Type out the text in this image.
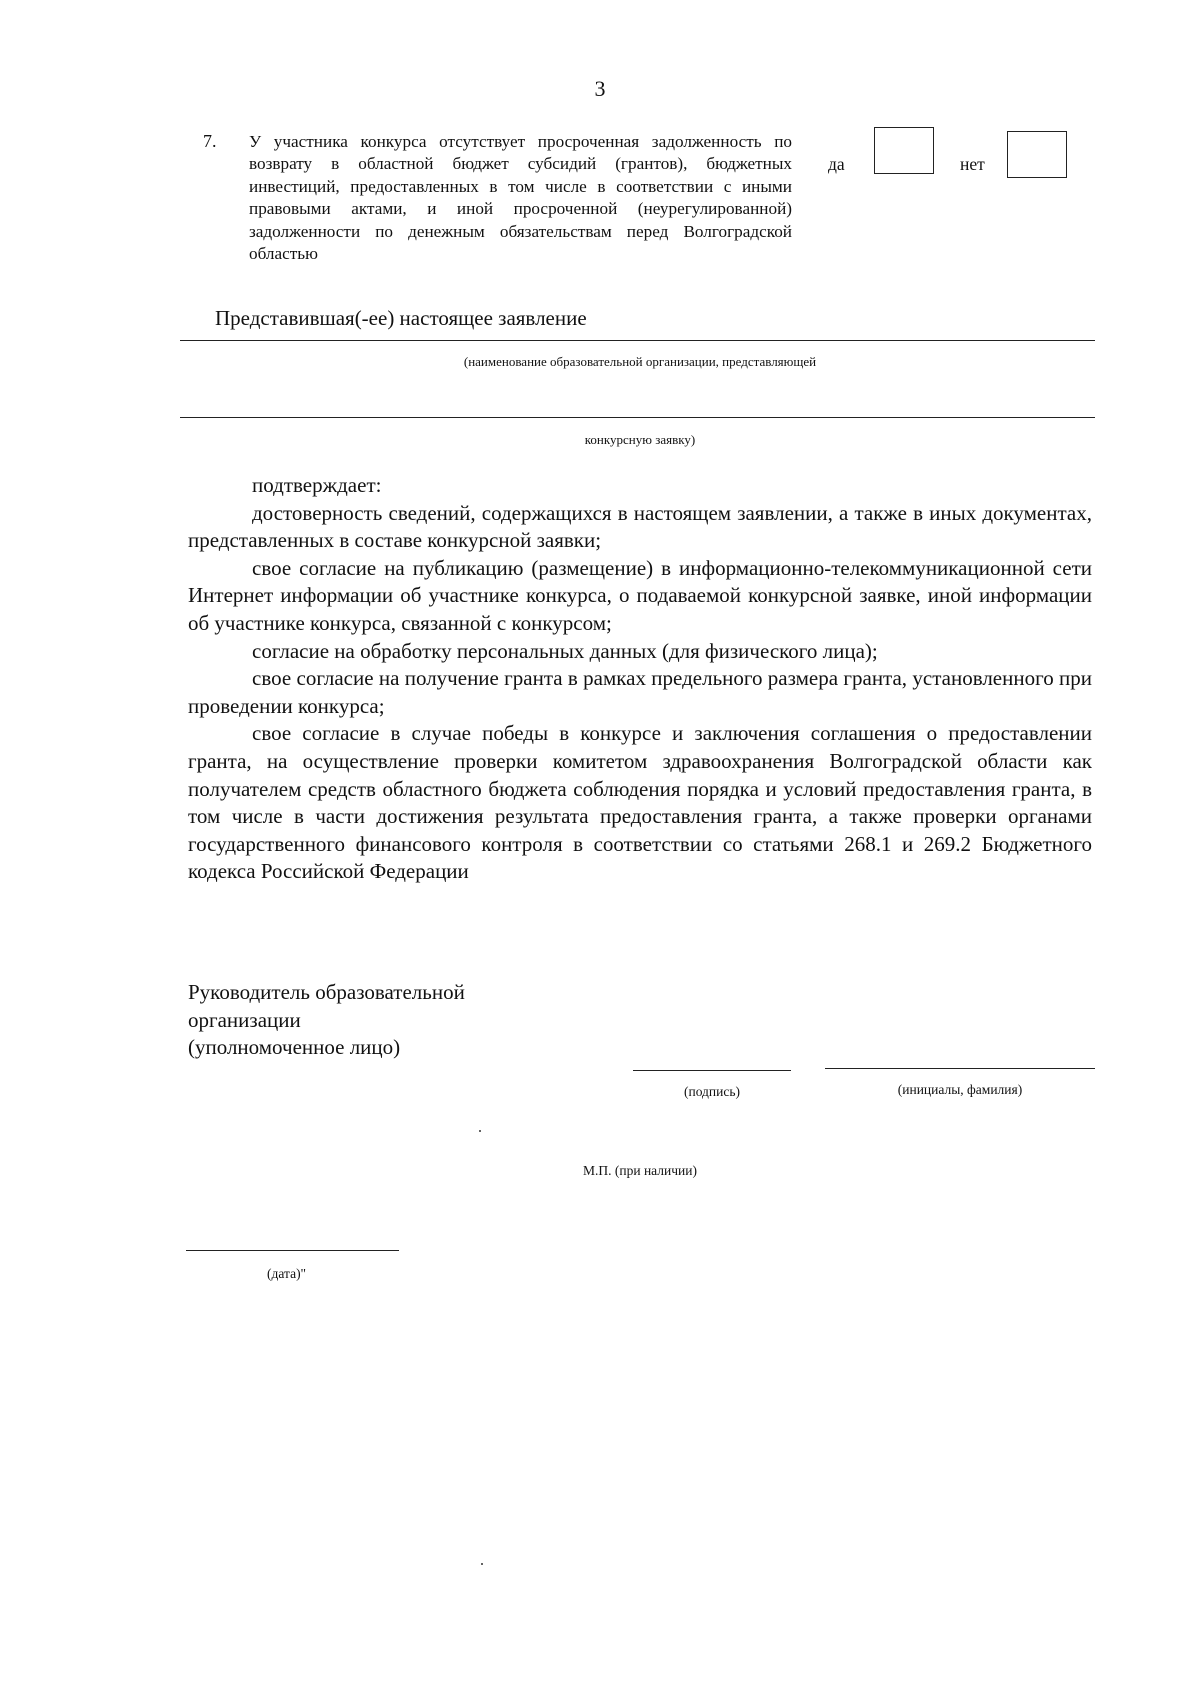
3
7. У участника конкурса отсутствует просроченная задолженность по возврату в областной бюджет субсидий (грантов), бюджетных инвестиций, предоставленных в том числе в соответствии с иными правовыми актами, и иной просроченной (неурегулированной) задолженности по денежным обязательствам перед Волгоградской областью
да	нет
Представившая(-ее) настоящее заявление
(наименование образовательной организации, представляющей
конкурсную заявку)

подтверждает:

достоверность сведений, содержащихся в настоящем заявлении, а также в иных документах, представленных в составе конкурсной заявки;

свое согласие на публикацию (размещение) в информационно-телекоммуникационной сети Интернет информации об участнике конкурса, о подаваемой конкурсной заявке, иной информации об участнике конкурса, связанной с конкурсом;

согласие на обработку персональных данных (для физического лица);

свое согласие на получение гранта в рамках предельного размера гранта, установленного при проведении конкурса;

свое согласие в случае победы в конкурсе и заключения соглашения о предоставлении гранта, на осуществление проверки комитетом здравоохранения Волгоградской области как получателем средств областного бюджета соблюдения порядка и условий предоставления гранта, в том числе в части достижения результата предоставления гранта, а также проверки органами государственного финансового контроля в соответствии со статьями 268.1 и 269.2 Бюджетного кодекса Российской Федерации

Руководитель образовательной
организации
(уполномоченное лицо)
(подпись)	(инициалы, фамилия)
М.П. (при наличии)
(дата)"
